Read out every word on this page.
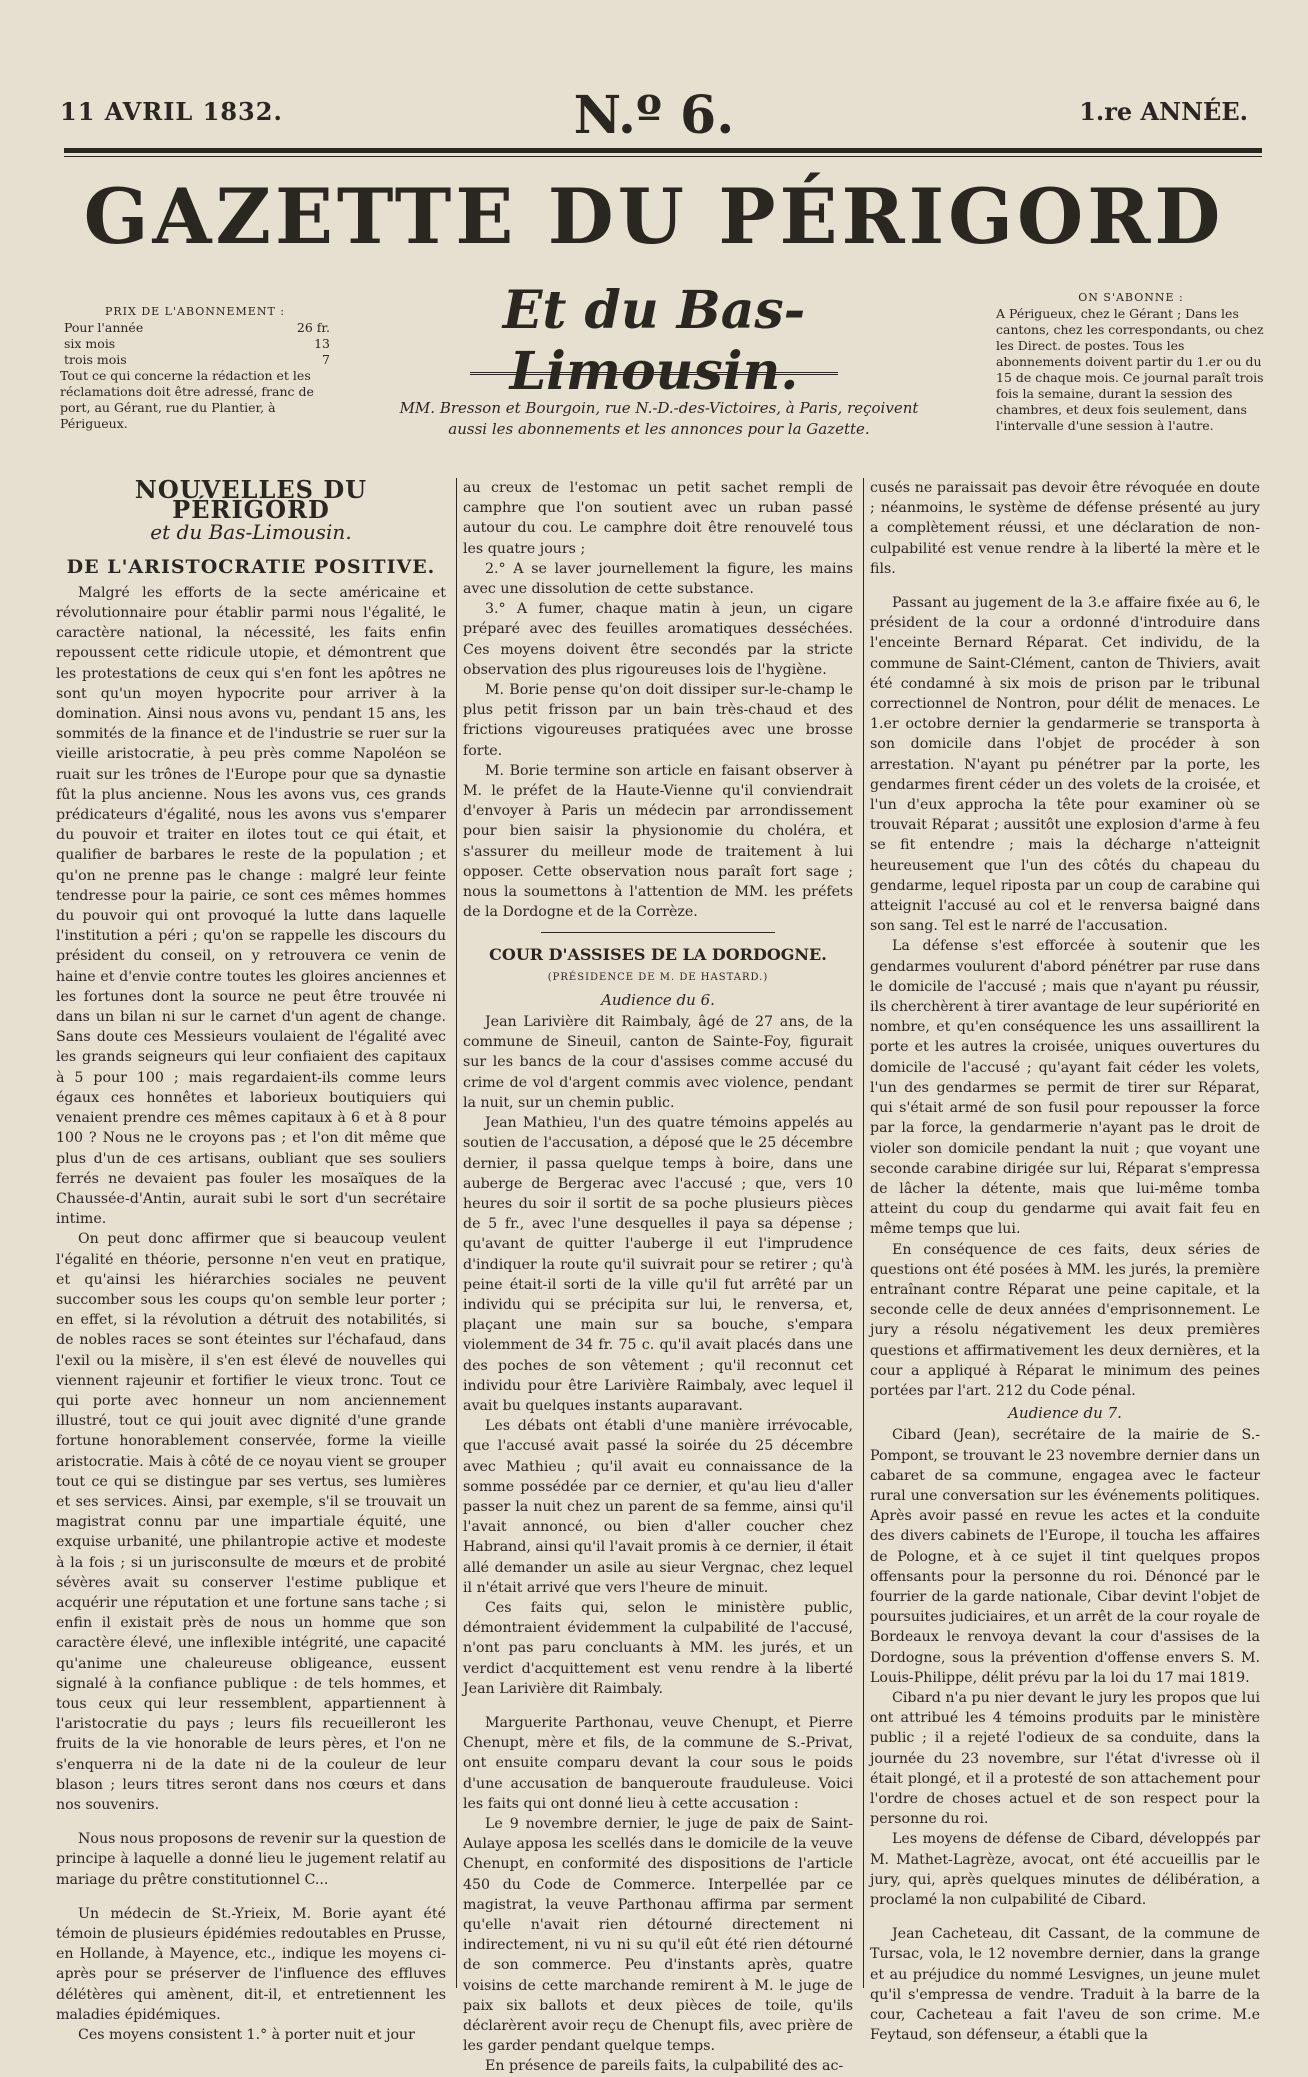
11 AVRIL 1832.	N.º 6.	1.re ANNÉE.
GAZETTE DU PÉRIGORD
Et du Bas-Limousin.
MM. Bresson et Bourgoin, rue N.-D.-des-Victoires, à Paris, reçoivent
aussi les abonnements et les annonces pour la Gazette.
PRIX DE L'ABONNEMENT :
Pour l'année	26 fr.
six mois	13
trois mois	7
Tout ce qui concerne la rédaction et les réclamations doit être adressé, franc de port, au Gérant, rue du Plantier, à Périgueux.
ON S'ABONNE :
A Périgueux, chez le Gérant ; Dans les cantons, chez les correspondants, ou chez les Direct. de postes. Tous les abonnements doivent partir du 1.er ou du 15 de chaque mois. Ce journal paraît trois fois la semaine, durant la session des chambres, et deux fois seulement, dans l'intervalle d'une session à l'autre.
NOUVELLES DU PÉRIGORD
et du Bas-Limousin.
DE L'ARISTOCRATIE POSITIVE.

Malgré les efforts de la secte américaine et révolutionnaire pour établir parmi nous l'égalité, le caractère national, la nécessité, les faits enfin repoussent cette ridicule utopie, et démontrent que les protestations de ceux qui s'en font les apôtres ne sont qu'un moyen hypocrite pour arriver à la domination. Ainsi nous avons vu, pendant 15 ans, les sommités de la finance et de l'industrie se ruer sur la vieille aristocratie, à peu près comme Napoléon se ruait sur les trônes de l'Europe pour que sa dynastie fût la plus ancienne. Nous les avons vus, ces grands prédicateurs d'égalité, nous les avons vus s'emparer du pouvoir et traiter en ilotes tout ce qui était, et qualifier de barbares le reste de la population ; et qu'on ne prenne pas le change : malgré leur feinte tendresse pour la pairie, ce sont ces mêmes hommes du pouvoir qui ont provoqué la lutte dans laquelle l'institution a péri ; qu'on se rappelle les discours du président du conseil, on y retrouvera ce venin de haine et d'envie contre toutes les gloires anciennes et les fortunes dont la source ne peut être trouvée ni dans un bilan ni sur le carnet d'un agent de change. Sans doute ces Messieurs voulaient de l'égalité avec les grands seigneurs qui leur confiaient des capitaux à 5 pour 100 ; mais regardaient-ils comme leurs égaux ces honnêtes et laborieux boutiquiers qui venaient prendre ces mêmes capitaux à 6 et à 8 pour 100 ? Nous ne le croyons pas ; et l'on dit même que plus d'un de ces artisans, oubliant que ses souliers ferrés ne devaient pas fouler les mosaïques de la Chaussée-d'Antin, aurait subi le sort d'un secrétaire intime.

On peut donc affirmer que si beaucoup veulent l'égalité en théorie, personne n'en veut en pratique, et qu'ainsi les hiérarchies sociales ne peuvent succomber sous les coups qu'on semble leur porter ; en effet, si la révolution a détruit des notabilités, si de nobles races se sont éteintes sur l'échafaud, dans l'exil ou la misère, il s'en est élevé de nouvelles qui viennent rajeunir et fortifier le vieux tronc. Tout ce qui porte avec honneur un nom anciennement illustré, tout ce qui jouit avec dignité d'une grande fortune honorablement conservée, forme la vieille aristocratie. Mais à côté de ce noyau vient se grouper tout ce qui se distingue par ses vertus, ses lumières et ses services. Ainsi, par exemple, s'il se trouvait un magistrat connu par une impartiale équité, une exquise urbanité, une philantropie active et modeste à la fois ; si un jurisconsulte de mœurs et de probité sévères avait su conserver l'estime publique et acquérir une réputation et une fortune sans tache ; si enfin il existait près de nous un homme que son caractère élevé, une inflexible intégrité, une capacité qu'anime une chaleureuse obligeance, eussent signalé à la confiance publique : de tels hommes, et tous ceux qui leur ressemblent, appartiennent à l'aristocratie du pays ; leurs fils recueilleront les fruits de la vie honorable de leurs pères, et l'on ne s'enquerra ni de la date ni de la couleur de leur blason ; leurs titres seront dans nos cœurs et dans nos souvenirs.

Nous nous proposons de revenir sur la question de principe à laquelle a donné lieu le jugement relatif au mariage du prêtre constitutionnel C...

Un médecin de St.-Yrieix, M. Borie ayant été témoin de plusieurs épidémies redoutables en Prusse, en Hollande, à Mayence, etc., indique les moyens ci-après pour se préserver de l'influence des effluves délétères qui amènent, dit-il, et entretiennent les maladies épidémiques.

Ces moyens consistent 1.° à porter nuit et jour

au creux de l'estomac un petit sachet rempli de camphre que l'on soutient avec un ruban passé autour du cou. Le camphre doit être renouvelé tous les quatre jours ;

2.° A se laver journellement la figure, les mains avec une dissolution de cette substance.

3.° A fumer, chaque matin à jeun, un cigare préparé avec des feuilles aromatiques desséchées. Ces moyens doivent être secondés par la stricte observation des plus rigoureuses lois de l'hygiène.

M. Borie pense qu'on doit dissiper sur-le-champ le plus petit frisson par un bain très-chaud et des frictions vigoureuses pratiquées avec une brosse forte.

M. Borie termine son article en faisant observer à M. le préfet de la Haute-Vienne qu'il conviendrait d'envoyer à Paris un médecin par arrondissement pour bien saisir la physionomie du choléra, et s'assurer du meilleur mode de traitement à lui opposer. Cette observation nous paraît fort sage ; nous la soumettons à l'attention de MM. les préfets de la Dordogne et de la Corrèze.

COUR D'ASSISES DE LA DORDOGNE.
(PRÉSIDENCE DE M. DE HASTARD.)
Audience du 6.

Jean Larivière dit Raimbaly, âgé de 27 ans, de la commune de Sineuil, canton de Sainte-Foy, figurait sur les bancs de la cour d'assises comme accusé du crime de vol d'argent commis avec violence, pendant la nuit, sur un chemin public.

Jean Mathieu, l'un des quatre témoins appelés au soutien de l'accusation, a déposé que le 25 décembre dernier, il passa quelque temps à boire, dans une auberge de Bergerac avec l'accusé ; que, vers 10 heures du soir il sortit de sa poche plusieurs pièces de 5 fr., avec l'une desquelles il paya sa dépense ; qu'avant de quitter l'auberge il eut l'imprudence d'indiquer la route qu'il suivrait pour se retirer ; qu'à peine était-il sorti de la ville qu'il fut arrêté par un individu qui se précipita sur lui, le renversa, et, plaçant une main sur sa bouche, s'empara violemment de 34 fr. 75 c. qu'il avait placés dans une des poches de son vêtement ; qu'il reconnut cet individu pour être Larivière Raimbaly, avec lequel il avait bu quelques instants auparavant.

Les débats ont établi d'une manière irrévocable, que l'accusé avait passé la soirée du 25 décembre avec Mathieu ; qu'il avait eu connaissance de la somme possédée par ce dernier, et qu'au lieu d'aller passer la nuit chez un parent de sa femme, ainsi qu'il l'avait annoncé, ou bien d'aller coucher chez Habrand, ainsi qu'il l'avait promis à ce dernier, il était allé demander un asile au sieur Vergnac, chez lequel il n'était arrivé que vers l'heure de minuit.

Ces faits qui, selon le ministère public, démontraient évidemment la culpabilité de l'accusé, n'ont pas paru concluants à MM. les jurés, et un verdict d'acquittement est venu rendre à la liberté Jean Larivière dit Raimbaly.

Marguerite Parthonau, veuve Chenupt, et Pierre Chenupt, mère et fils, de la commune de S.-Privat, ont ensuite comparu devant la cour sous le poids d'une accusation de banqueroute frauduleuse. Voici les faits qui ont donné lieu à cette accusation :

Le 9 novembre dernier, le juge de paix de Saint-Aulaye apposa les scellés dans le domicile de la veuve Chenupt, en conformité des dispositions de l'article 450 du Code de Commerce. Interpellée par ce magistrat, la veuve Parthonau affirma par serment qu'elle n'avait rien détourné directement ni indirectement, ni vu ni su qu'il eût été rien détourné de son commerce. Peu d'instants après, quatre voisins de cette marchande remirent à M. le juge de paix six ballots et deux pièces de toile, qu'ils déclarèrent avoir reçu de Chenupt fils, avec prière de les garder pendant quelque temps.

En présence de pareils faits, la culpabilité des ac-

cusés ne paraissait pas devoir être révoquée en doute ; néanmoins, le système de défense présenté au jury a complètement réussi, et une déclaration de non-culpabilité est venue rendre à la liberté la mère et le fils.

Passant au jugement de la 3.e affaire fixée au 6, le président de la cour a ordonné d'introduire dans l'enceinte Bernard Réparat. Cet individu, de la commune de Saint-Clément, canton de Thiviers, avait été condamné à six mois de prison par le tribunal correctionnel de Nontron, pour délit de menaces. Le 1.er octobre dernier la gendarmerie se transporta à son domicile dans l'objet de procéder à son arrestation. N'ayant pu pénétrer par la porte, les gendarmes firent céder un des volets de la croisée, et l'un d'eux approcha la tête pour examiner où se trouvait Réparat ; aussitôt une explosion d'arme à feu se fit entendre ; mais la décharge n'atteignit heureusement que l'un des côtés du chapeau du gendarme, lequel riposta par un coup de carabine qui atteignit l'accusé au col et le renversa baigné dans son sang. Tel est le narré de l'accusation.

La défense s'est efforcée à soutenir que les gendarmes voulurent d'abord pénétrer par ruse dans le domicile de l'accusé ; mais que n'ayant pu réussir, ils cherchèrent à tirer avantage de leur supériorité en nombre, et qu'en conséquence les uns assaillirent la porte et les autres la croisée, uniques ouvertures du domicile de l'accusé ; qu'ayant fait céder les volets, l'un des gendarmes se permit de tirer sur Réparat, qui s'était armé de son fusil pour repousser la force par la force, la gendarmerie n'ayant pas le droit de violer son domicile pendant la nuit ; que voyant une seconde carabine dirigée sur lui, Réparat s'empressa de lâcher la détente, mais que lui-même tomba atteint du coup du gendarme qui avait fait feu en même temps que lui.

En conséquence de ces faits, deux séries de questions ont été posées à MM. les jurés, la première entraînant contre Réparat une peine capitale, et la seconde celle de deux années d'emprisonnement. Le jury a résolu négativement les deux premières questions et affirmativement les deux dernières, et la cour a appliqué à Réparat le minimum des peines portées par l'art. 212 du Code pénal.

Audience du 7.

Cibard (Jean), secrétaire de la mairie de S.-Pompont, se trouvant le 23 novembre dernier dans un cabaret de sa commune, engagea avec le facteur rural une conversation sur les événements politiques. Après avoir passé en revue les actes et la conduite des divers cabinets de l'Europe, il toucha les affaires de Pologne, et à ce sujet il tint quelques propos offensants pour la personne du roi. Dénoncé par le fourrier de la garde nationale, Cibar devint l'objet de poursuites judiciaires, et un arrêt de la cour royale de Bordeaux le renvoya devant la cour d'assises de la Dordogne, sous la prévention d'offense envers S. M. Louis-Philippe, délit prévu par la loi du 17 mai 1819.

Cibard n'a pu nier devant le jury les propos que lui ont attribué les 4 témoins produits par le ministère public ; il a rejeté l'odieux de sa conduite, dans la journée du 23 novembre, sur l'état d'ivresse où il était plongé, et il a protesté de son attachement pour l'ordre de choses actuel et de son respect pour la personne du roi.

Les moyens de défense de Cibard, développés par M. Mathet-Lagrèze, avocat, ont été accueillis par le jury, qui, après quelques minutes de délibération, a proclamé la non culpabilité de Cibard.

Jean Cacheteau, dit Cassant, de la commune de Tursac, vola, le 12 novembre dernier, dans la grange et au préjudice du nommé Lesvignes, un jeune mulet qu'il s'empressa de vendre. Traduit à la barre de la cour, Cacheteau a fait l'aveu de son crime. M.e Feytaud, son défenseur, a établi que la
